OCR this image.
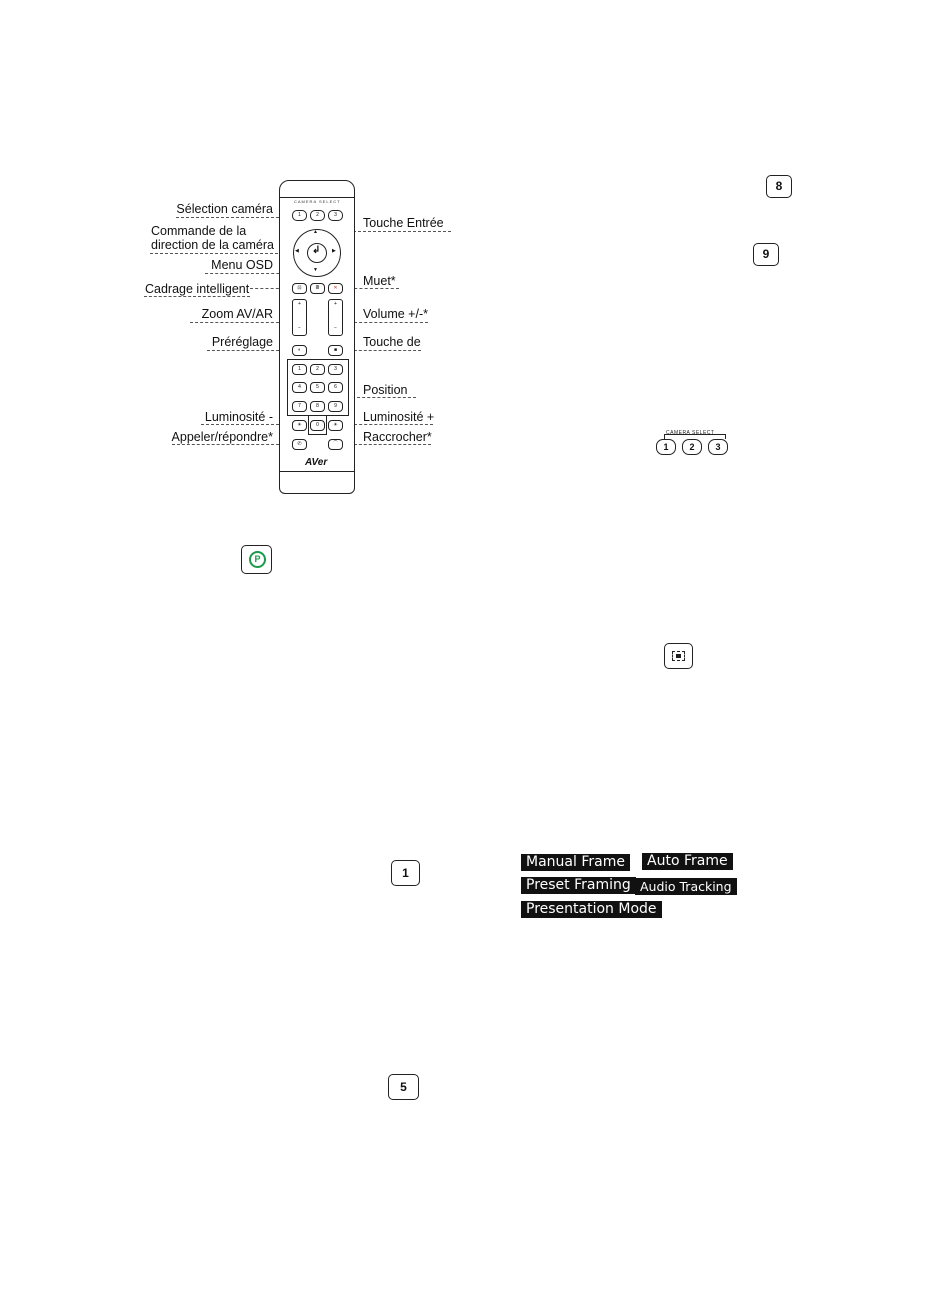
Sélection caméra
Commande de la
direction de la caméra
Menu OSD
Cadrage intelligent
Zoom AV/AR
Préréglage
Luminosité -
Appeler/répondre*
Touche Entrée
Muet*
Volume +/-*
Touche de
Position
Luminosité +
Raccrocher*
CAMERA SELECT
1	2	3
↲
▲
▼
◀	▶
⊡	≣	✕
+

−
+

−
◐	■
1	2	3
4	5	6
7	8	9
☀	0	☀
✆	⌒
AVer
8
9
CAMERA SELECT
1	2	3
P
1
Manual Frame	Auto Frame
Preset Framing Audio Tracking
Presentation Mode
5
